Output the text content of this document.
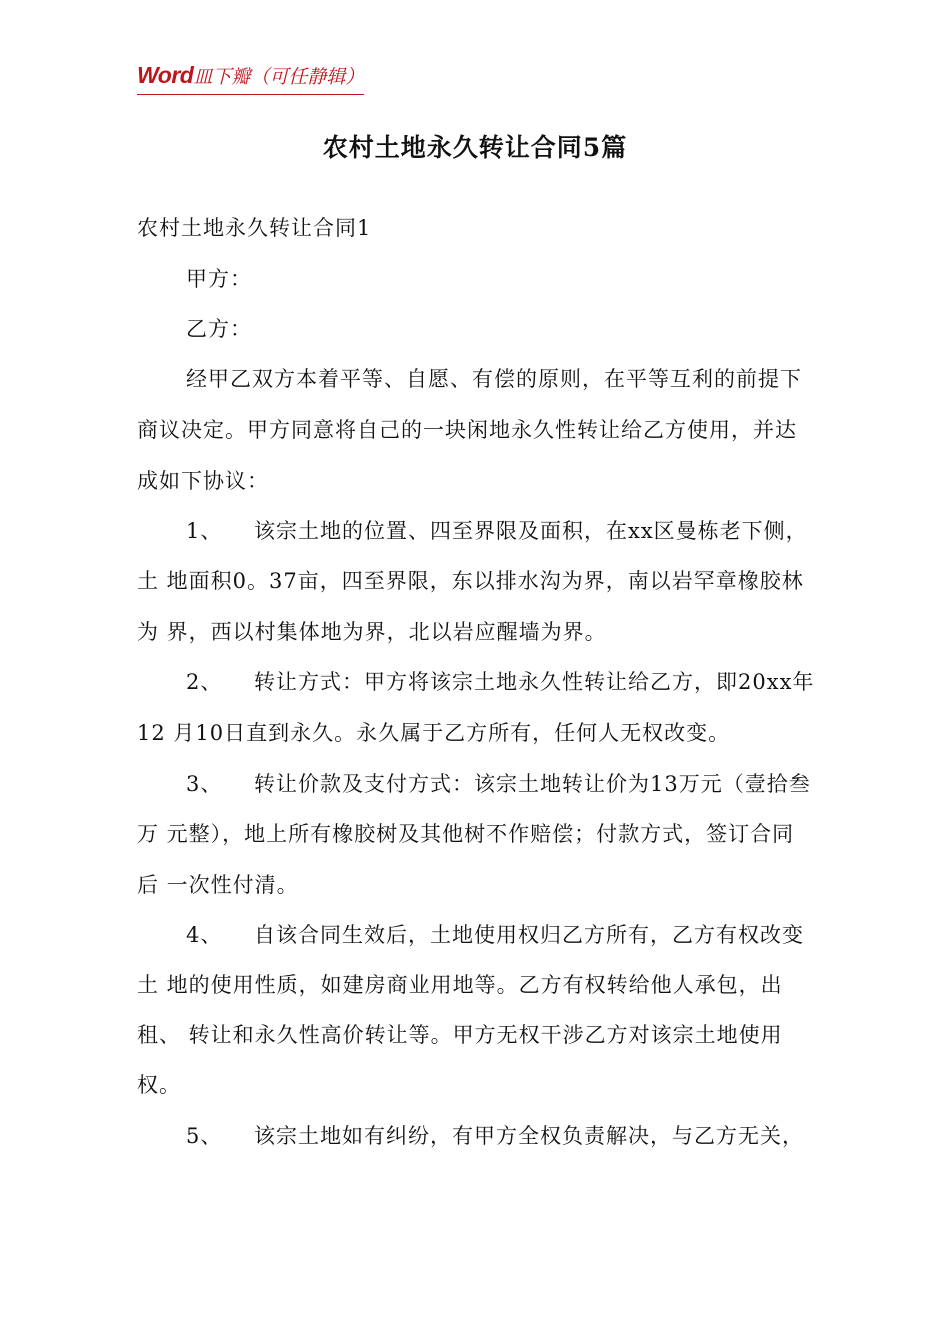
Word皿下瓣（可任静辑）
农村土地永久转让合同5篇
农村土地永久转让合同1
甲方：
乙方：
经甲乙双方本着平等、自愿、有偿的原则，在平等互利的前提下
商议决定。甲方同意将自己的一块闲地永久性转让给乙方使用，并达
成如下协议：
1、 该宗土地的位置、四至界限及面积，在xx区曼栋老下侧，
土 地面积0。37亩，四至界限，东以排水沟为界，南以岩罕章橡胶林
为 界，西以村集体地为界，北以岩应醒墙为界。
2、 转让方式：甲方将该宗土地永久性转让给乙方，即20xx年
12 月10日直到永久。永久属于乙方所有，任何人无权改变。
3、 转让价款及支付方式：该宗土地转让价为13万元（壹拾叁
万 元整），地上所有橡胶树及其他树不作赔偿；付款方式，签订合同
后 一次性付清。
4、 自该合同生效后，土地使用权归乙方所有，乙方有权改变
土 地的使用性质，如建房商业用地等。乙方有权转给他人承包，出
租、 转让和永久性高价转让等。甲方无权干涉乙方对该宗土地使用
权。
5、 该宗土地如有纠纷，有甲方全权负责解决，与乙方无关，
